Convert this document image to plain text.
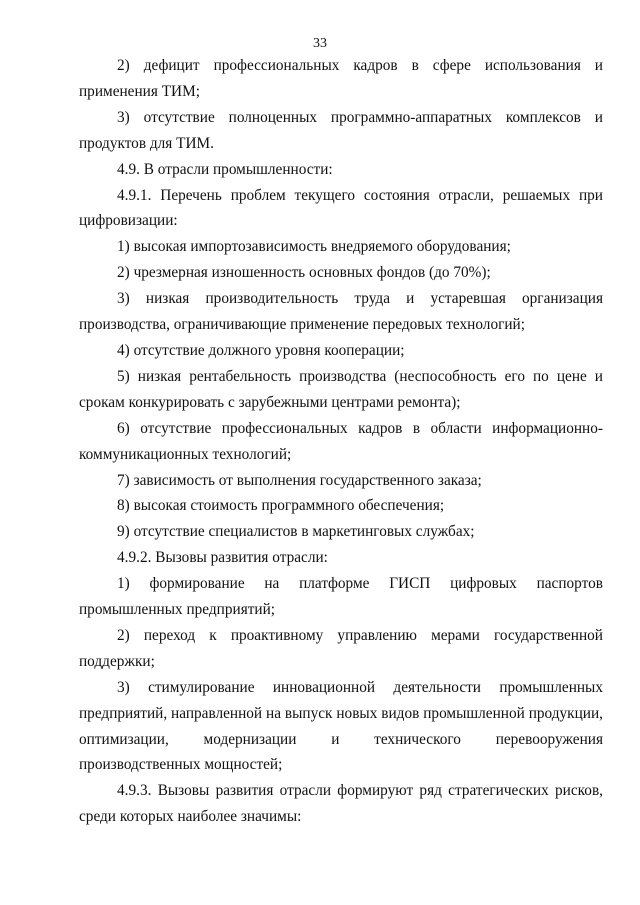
33

2) дефицит профессиональных кадров в сфере использования и применения ТИМ;

3) отсутствие полноценных программно-аппаратных комплексов и продуктов для ТИМ.

4.9. В отрасли промышленности:

4.9.1. Перечень проблем текущего состояния отрасли, решаемых при цифровизации:

1) высокая импортозависимость внедряемого оборудования;

2) чрезмерная изношенность основных фондов (до 70%);

3) низкая производительность труда и устаревшая организация производства, ограничивающие применение передовых технологий;

4) отсутствие должного уровня кооперации;

5) низкая рентабельность производства (неспособность его по цене и срокам конкурировать с зарубежными центрами ремонта);

6) отсутствие профессиональных кадров в области информационно-коммуникационных технологий;

7) зависимость от выполнения государственного заказа;

8) высокая стоимость программного обеспечения;

9) отсутствие специалистов в маркетинговых службах;

4.9.2. Вызовы развития отрасли:

1) формирование на платформе ГИСП цифровых паспортов промышленных предприятий;

2) переход к проактивному управлению мерами государственной поддержки;

3) стимулирование инновационной деятельности промышленных предприятий, направленной на выпуск новых видов промышленной продукции, оптимизации, модернизации и технического перевооружения производственных мощностей;

4.9.3. Вызовы развития отрасли формируют ряд стратегических рисков, среди которых наиболее значимы:
